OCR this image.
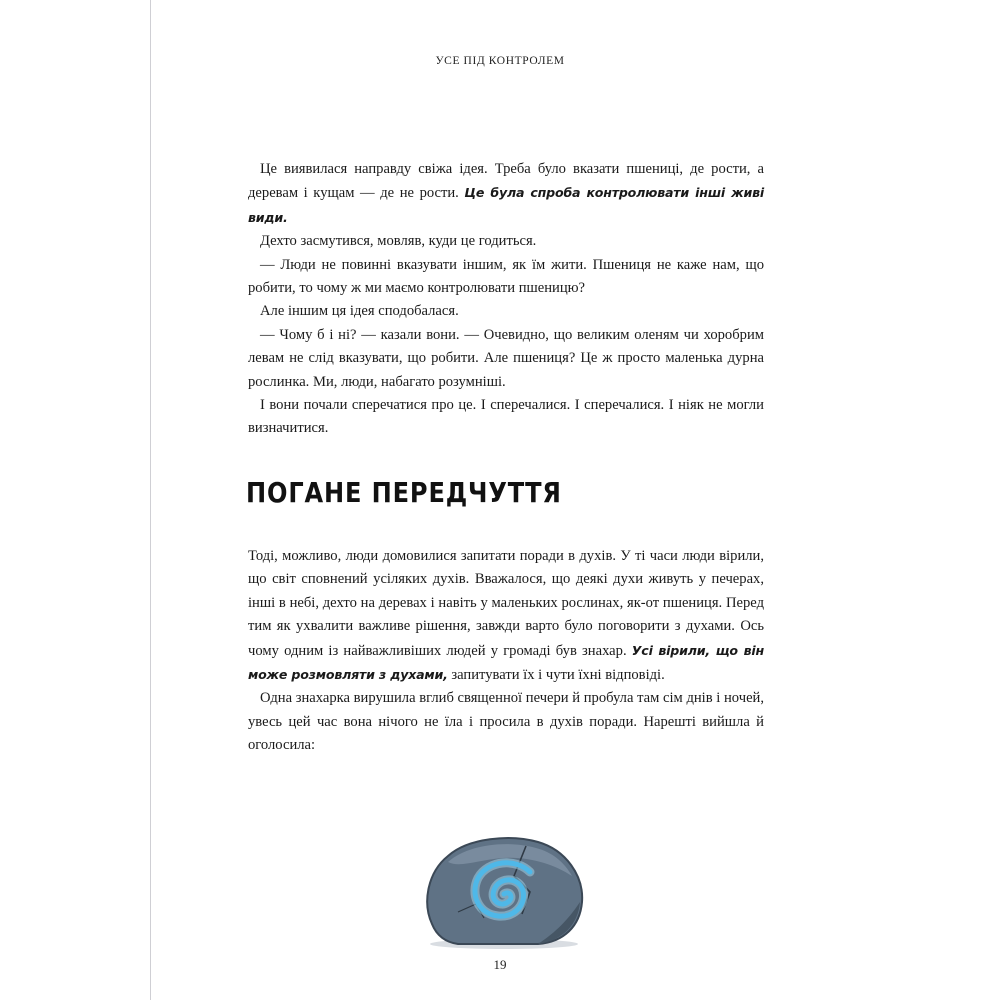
УСЕ ПІД КОНТРОЛЕМ

Це виявилася направду свіжа ідея. Треба було вказати пшениці, де рости, а деревам і кущам — де не рости. Це була спроба контролювати інші живі види.

Дехто засмутився, мовляв, куди це годиться.

— Люди не повинні вказувати іншим, як їм жити. Пшениця не каже нам, що робити, то чому ж ми маємо контролювати пшеницю?

Але іншим ця ідея сподобалася.

— Чому б і ні? — казали вони. — Очевидно, що великим оленям чи хоробрим левам не слід вказувати, що робити. Але пшениця? Це ж просто маленька дурна рослинка. Ми, люди, набагато розумніші.

І вони почали сперечатися про це. І сперечалися. І сперечалися. І ніяк не могли визначитися.

ПОГАНЕ ПЕРЕДЧУТТЯ

Тоді, можливо, люди домовилися запитати поради в духів. У ті часи люди вірили, що світ сповнений усіляких духів. Вважалося, що деякі духи живуть у печерах, інші в небі, дехто на деревах і навіть у маленьких рослинах, як-от пшениця. Перед тим як ухвалити важливе рішення, завжди варто було поговорити з духами. Ось чому одним із найважливіших людей у громаді був знахар. Усі вірили, що він може розмовляти з духами, запитувати їх і чути їхні відповіді.

Одна знахарка вирушила вглиб священної печери й пробула там сім днів і ночей, увесь цей час вона нічого не їла і просила в духів поради. Нарешті вийшла й оголосила:

19
